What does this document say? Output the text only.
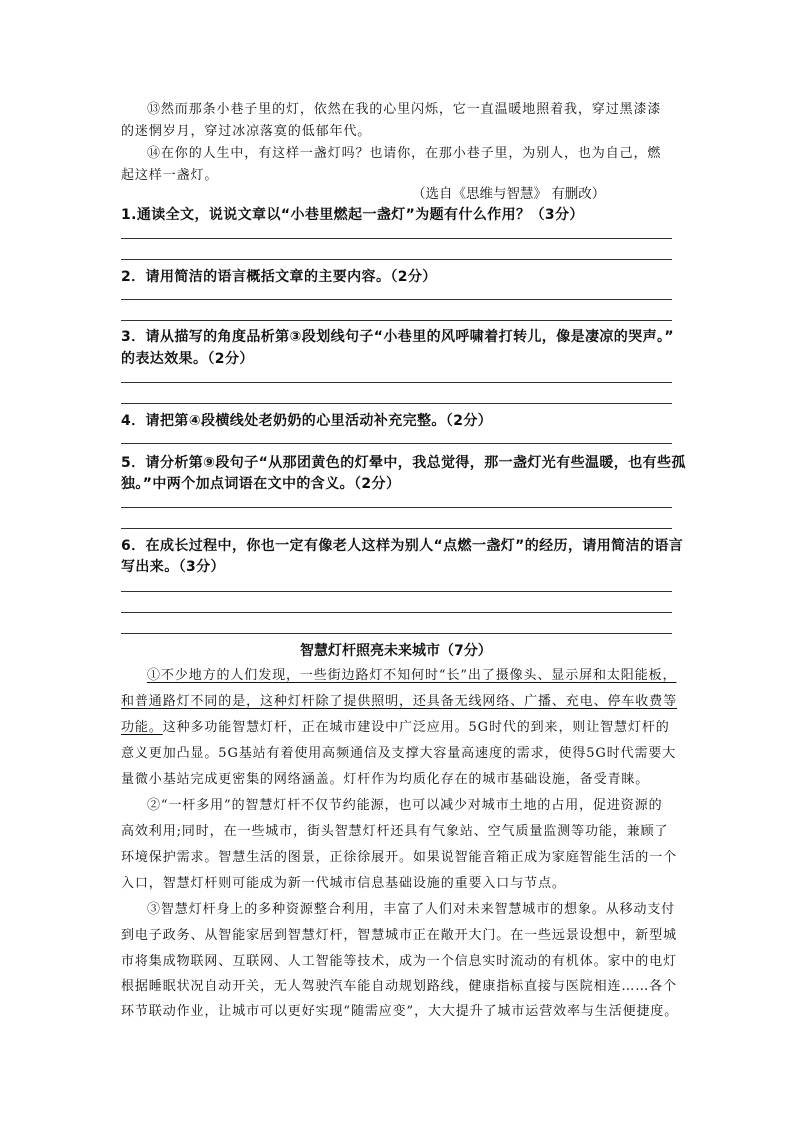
⑬然而那条小巷子里的灯，依然在我的心里闪烁，它一直温暖地照着我，穿过黑漆漆
的迷惘岁月，穿过冰凉落寞的低郁年代。
⑭在你的人生中，有这样一盏灯吗？也请你，在那小巷子里，为别人，也为自己，燃
起这样一盏灯。
（选自《思维与智慧》 有删改）
1.通读全文，说说文章以“小巷里燃起一盏灯”为题有什么作用？（3分）
2．请用简洁的语言概括文章的主要内容。（2分）
3．请从描写的角度品析第③段划线句子“小巷里的风呼啸着打转儿，像是凄凉的哭声。”
的表达效果。（2分）
4．请把第④段横线处老奶奶的心里活动补充完整。（2分）
5．请分析第⑨段句子“从那团黄色的灯晕中，我总觉得，那一盏灯光有些温暖，也有些孤
独。”中两个加点词语在文中的含义。（2分）
6．在成长过程中，你也一定有像老人这样为别人“点燃一盏灯”的经历，请用简洁的语言
写出来。（3分）
智慧灯杆照亮未来城市（7分）
①不少地方的人们发现，一些街边路灯不知何时“长”出了摄像头、显示屏和太阳能板，
和普通路灯不同的是，这种灯杆除了提供照明，还具备无线网络、广播、充电、停车收费等
功能。这种多功能智慧灯杆，正在城市建设中广泛应用。5G时代的到来，则让智慧灯杆的
意义更加凸显。5G基站有着使用高频通信及支撑大容量高速度的需求，使得5G时代需要大
量微小基站完成更密集的网络涵盖。灯杆作为均质化存在的城市基础设施，备受青睐。
②“一杆多用”的智慧灯杆不仅节约能源，也可以减少对城市土地的占用，促进资源的
高效利用;同时，在一些城市，街头智慧灯杆还具有气象站、空气质量监测等功能，兼顾了
环境保护需求。智慧生活的图景，正徐徐展开。如果说智能音箱正成为家庭智能生活的一个
入口，智慧灯杆则可能成为新一代城市信息基础设施的重要入口与节点。
③智慧灯杆身上的多种资源整合利用，丰富了人们对未来智慧城市的想象。从移动支付
到电子政务、从智能家居到智慧灯杆，智慧城市正在敞开大门。在一些远景设想中，新型城
市将集成物联网、互联网、人工智能等技术，成为一个信息实时流动的有机体。家中的电灯
根据睡眠状况自动开关，无人驾驶汽车能自动规划路线，健康指标直接与医院相连……各个
环节联动作业，让城市可以更好实现“随需应变”，大大提升了城市运营效率与生活便捷度。
